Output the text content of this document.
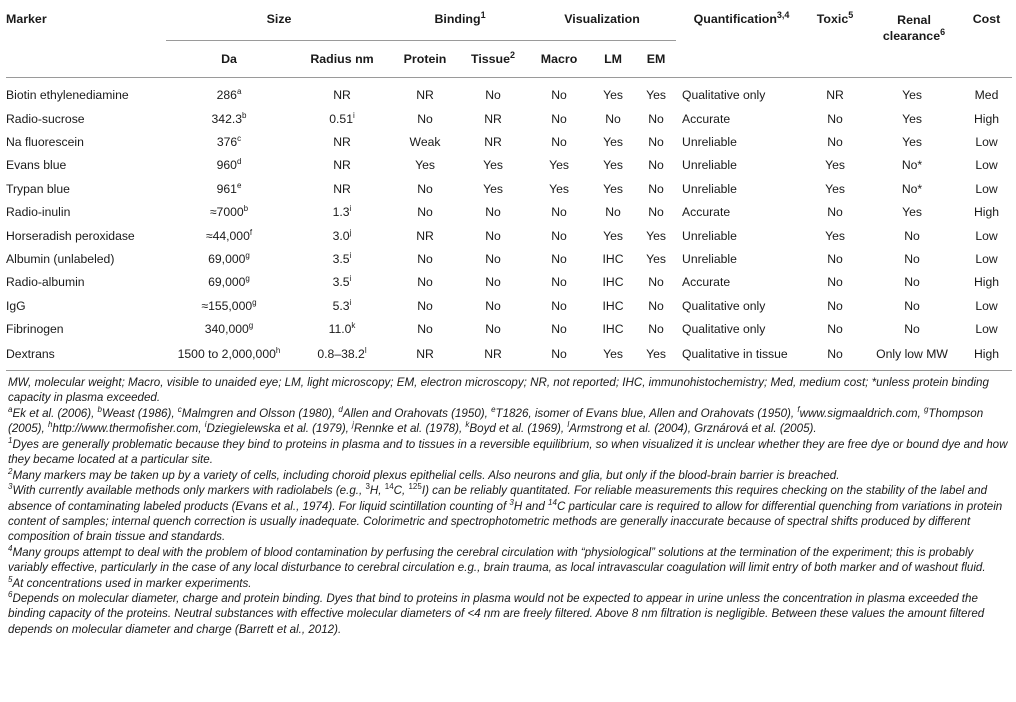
Marker	Size		Binding$^1$		Visualization			Quantification$^{3,4}$	Toxic$^5$	Renal clearance$^6$	Cost
	Da	Radius nm	Protein	Tissue$^2$	Macro	LM	EM				
Biotin ethylenediamine	286$^a$	NR	NR	No	No	Yes	Yes	Qualitative only	NR	Yes	Med
Radio-sucrose	342.3$^b$	0.51$^i$	No	NR	No	No	No	Accurate	No	Yes	High
Na fluorescein	376$^c$	NR	Weak	NR	No	Yes	No	Unreliable	No	Yes	Low
Evans blue	960$^d$	NR	Yes	Yes	Yes	Yes	No	Unreliable	Yes	No*	Low
Trypan blue	961e	NR	No	Yes	Yes	Yes	No	Unreliable	Yes	No*	Low
Radio-inulin	$\approx 7000^b$	1.3$^i$	No	No	No	No	No	Accurate	No	Yes	High
Horseradish peroxidase	≈44,000$^f$	3.0$^j$	NR	No	No	Yes	Yes	Unreliable	Yes	No	Low
Albumin (unlabeled)	69,000$^g$	3.5$^i$	No	No	No	IHC	Yes	Unreliable	No	No	Low
Radio-albumin	69,000$^g$	3.5$^i$	No	No	No	IHC	No	Accurate	No	No	High
IgG	≈155,000$^g$	5.3$^i$	No	No	No	IHC	No	Qualitative only	No	No	Low
Fibrinogen	340,000$^g$	11.0$^k$	No	No	No	IHC	No	Qualitative only	No	No	Low
Dextrans	1500 to 2,000,000$^h$	0.8–38.2$^l$	NR	NR	No	Yes	Yes	Qualitative in tissue	No	Only low MW	High

MW, molecular weight; Macro, visible to unaided eye; LM, light microscopy; EM, electron microscopy; NR, not reported; IHC, immunohistochemistry; Med, medium cost; *unless protein binding capacity in plasma exceeded.

$^a$Ek et al. (2006), $^b$Weast (1986), $^c$Malmgren and Olsson (1980), $^d$Allen and Orahovats (1950), $^e$T1826, isomer of Evans blue, Allen and Orahovats (1950), $^f$www.sigmaaldrich.com, $^g$Thompson (2005), $^h$http://www.thermofisher.com, $^i$Dziegielewska et al. (1979), $^j$Rennke et al. (1978), $^k$Boyd et al. (1969), $^l$Armstrong et al. (2004), Grznárová et al. (2005).

$^1$Dyes are generally problematic because they bind to proteins in plasma and to tissues in a reversible equilibrium, so when visualized it is unclear whether they are free dye or bound dye and how they became located at a particular site.

$^2$Many markers may be taken up by a variety of cells, including choroid plexus epithelial cells. Also neurons and glia, but only if the blood-brain barrier is breached.

$^3$With currently available methods only markers with radiolabels (e.g., $^3$H, $^{14}$C, $^{125}$I) can be reliably quantitated. For reliable measurements this requires checking on the stability of the label and absence of contaminating labeled products (Evans et al., 1974). For liquid scintillation counting of $^3$H and $^{14}$C particular care is required to allow for differential quenching from variations in protein content of samples; internal quench correction is usually inadequate. Colorimetric and spectrophotometric methods are generally inaccurate because of spectral shifts produced by different composition of brain tissue and standards.

$^4$Many groups attempt to deal with the problem of blood contamination by perfusing the cerebral circulation with “physiological” solutions at the termination of the experiment; this is probably variably effective, particularly in the case of any local disturbance to cerebral circulation e.g., brain trauma, as local intravascular coagulation will limit entry of both marker and of washout fluid.

$^5$At concentrations used in marker experiments.

$^6$Depends on molecular diameter, charge and protein binding. Dyes that bind to proteins in plasma would not be expected to appear in urine unless the concentration in plasma exceeded the binding capacity of the proteins. Neutral substances with effective molecular diameters of <4 nm are freely filtered. Above 8 nm filtration is negligible. Between these values the amount filtered depends on molecular diameter and charge (Barrett et al., 2012).
